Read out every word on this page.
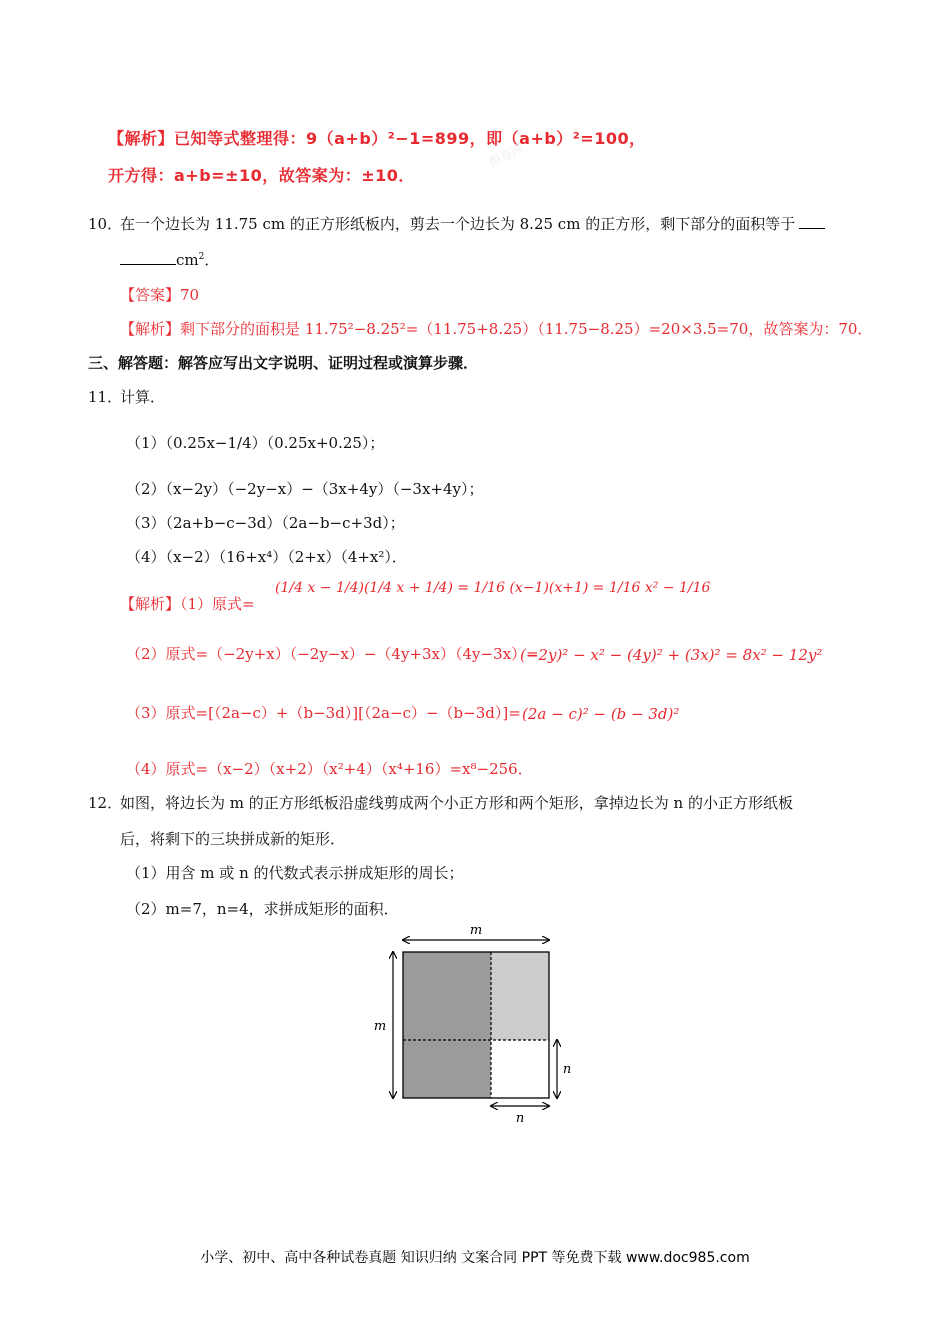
【解析】已知等式整理得：9（a+b）²−1=899，即（a+b）²=100，
开方得：a+b=±10，故答案为：±10．
组卷网
10．
在一个边长为 11.75 cm 的正方形纸板内，剪去一个边长为 8.25 cm 的正方形，剩下部分的面积等于
$cm^2$．
【答案】70
【解析】剩下部分的面积是 11.75²−8.25²=（11.75+8.25）（11.75−8.25）=20×3.5=70，故答案为：70．
三、解答题：解答应写出文字说明、证明过程或演算步骤．
11．
计算．
（1）（0.25x−1/4）（0.25x+0.25）；
（2）（x−2y）（−2y−x）−（3x+4y）（−3x+4y）；
（3）（2a+b−c−3d）（2a−b−c+3d）；
（4）（x−2）（16+x⁴）（2+x）（4+x²）．
【解析】（1）原式=
(1/4 x − 1/4)(1/4 x + 1/4) = 1/16 (x−1)(x+1) = 1/16 x² − 1/16
（2）原式=（−2y+x）（−2y−x）−（4y+3x）（4y−3x）=
(−2y)² − x² − (4y)² + (3x)² = 8x² − 12y²
（3）原式=[（2a−c）+（b−3d）][（2a−c）−（b−3d）]= (2a − c)² − (b − 3d)²
（4）原式=（x−2）（x+2）（x²+4）（x⁴+16）=x⁸−256．
12．
如图，将边长为 m 的正方形纸板沿虚线剪成两个小正方形和两个矩形，拿掉边长为 n 的小正方形纸板
后，将剩下的三块拼成新的矩形．
（1）用含 m 或 n 的代数式表示拼成矩形的周长；
（2）m=7，n=4，求拼成矩形的面积．
m
m
n
n
小学、初中、高中各种试卷真题 知识归纳 文案合同 PPT 等免费下载 www.doc985.com
